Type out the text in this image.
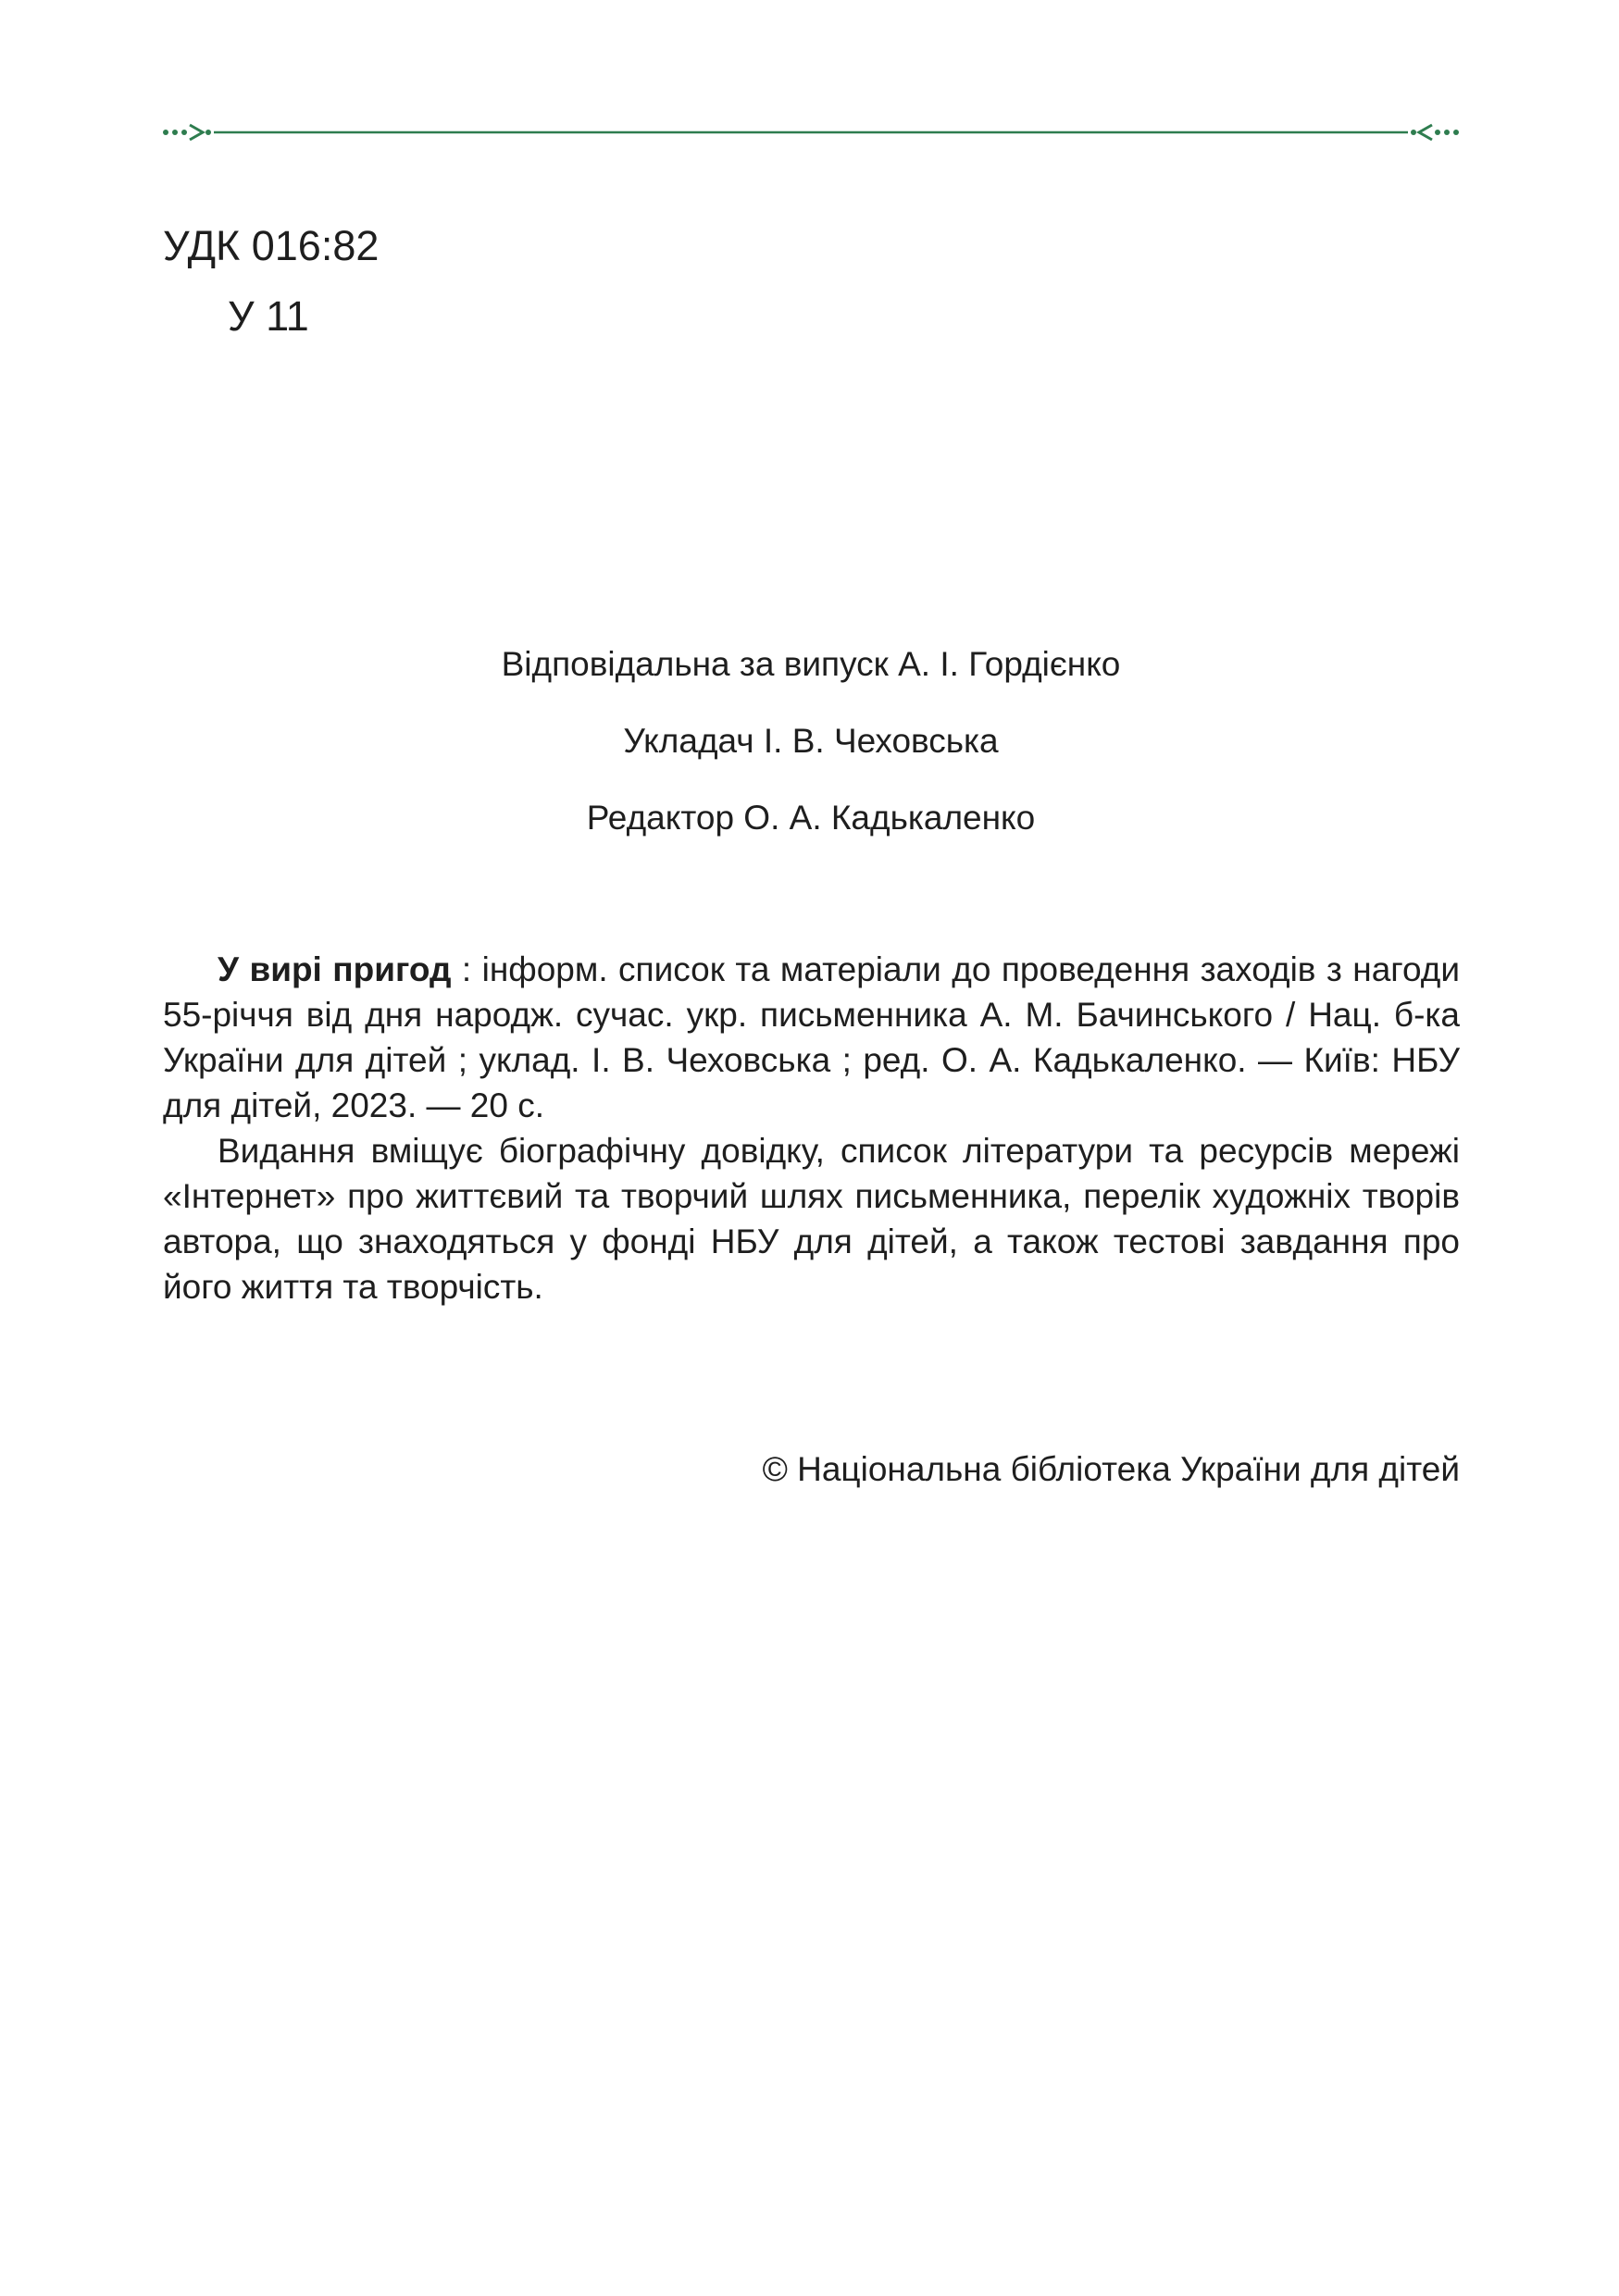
УДК 016:82

У 11

Відповідальна за випуск А. І. Гордієнко

Укладач І. В. Чеховська

Редактор О. А. Кадькаленко

У вирі пригод : інформ. список та матеріали до проведення заходів з нагоди 55-річчя від дня народж. сучас. укр. письменника А. М. Бачинського / Нац. б-ка України для дітей ; уклад. І. В. Чеховська ; ред. О. А. Кадькаленко. — Київ: НБУ для дітей, 2023. — 20 с.

Видання вміщує біографічну довідку, список літератури та ресурсів мережі «Інтернет» про життєвий та творчий шлях письменника, перелік художніх творів автора, що знаходяться у фонді НБУ для дітей, а також тестові завдання про його життя та творчість.

© Національна бібліотека України для дітей
